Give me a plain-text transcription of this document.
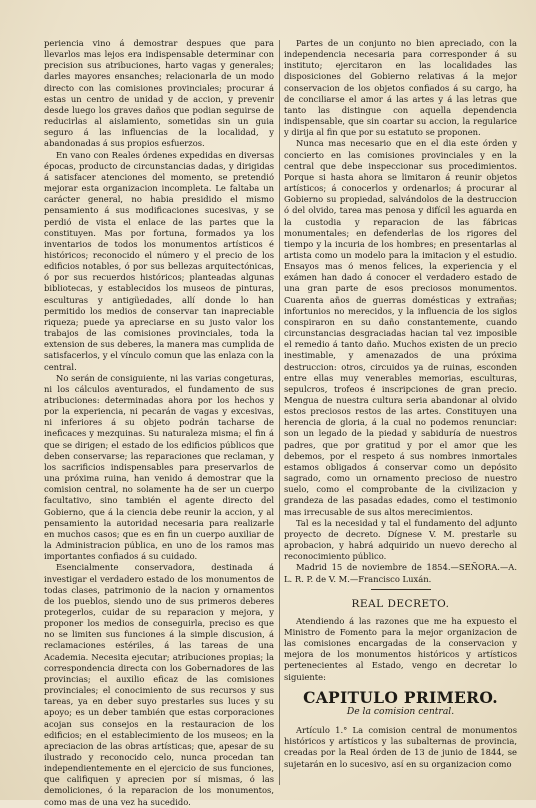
periencia vino á demostrar despues que para llevarlos mas lejos era indispensable determinar con precision sus atribuciones, harto vagas y generales; darles mayores ensanches; relacionarla de un modo directo con las comisiones provinciales; procurar á estas un centro de unidad y de accion, y prevenir desde luego los graves daños que podian seguirse de reducirlas al aislamiento, sometidas sin un guia seguro á las influencias de la localidad, y abandonadas á sus propios esfuerzos.

En vano con Reales órdenes expedidas en diversas épocas, producto de circunstancias dadas, y dirigidas á satisfacer atenciones del momento, se pretendió mejorar esta organizacion incompleta. Le faltaba un carácter general, no habia presidido el mismo pensamiento á sus modificaciones sucesivas, y se perdió de vista el enlace de las partes que la constituyen. Mas por fortuna, formados ya los inventarios de todos los monumentos artísticos é históricos; reconocido el número y el precio de los edificios notables, ó por sus bellezas arquitectónicas, ó por sus recuerdos históricos; planteadas algunas bibliotecas, y establecidos los museos de pinturas, esculturas y antigüedades, allí donde lo han permitido los medios de conservar tan inapreciable riqueza; puede ya apreciarse en su justo valor los trabajos de las comisiones provinciales, toda la extension de sus deberes, la manera mas cumplida de satisfacerlos, y el vínculo comun que las enlaza con la central.

No serán de consiguiente, ni las varias congeturas, ni los cálculos aventurados, el fundamento de sus atribuciones: determinadas ahora por los hechos y por la experiencia, ni pecarán de vagas y excesivas, ni inferiores á su objeto podrán tacharse de ineficaces y mezquinas. Su naturaleza misma; el fin á que se dirigen; el estado de los edificios públicos que deben conservarse; las reparaciones que reclaman, y los sacrificios indispensables para preservarlos de una próxima ruina, han venido á demostrar que la comision central, no solamente ha de ser un cuerpo facultativo, sino también el agente directo del Gobierno, que á la ciencia debe reunir la accion, y al pensamiento la autoridad necesaria para realizarle en muchos casos; que es en fin un cuerpo auxiliar de la Administracion pública, en uno de los ramos mas importantes confiados á su cuidado.

Esencialmente conservadora, destinada á investigar el verdadero estado de los monumentos de todas clases, patrimonio de la nacion y ornamentos de los pueblos, siendo uno de sus primeros deberes protegerlos, cuidar de su reparacion y mejora, y proponer los medios de conseguirla, preciso es que no se limiten sus funciones á la simple discusion, á reclamaciones estériles, á las tareas de una Academia. Necesita ejecutar; atribuciones propias; la correspondencia directa con los Gobernadores de las provincias; el auxilio eficaz de las comisiones provinciales; el conocimiento de sus recursos y sus tareas, ya en deber suyo prestarles sus luces y su apoyo; es un deber también que estas corporaciones acojan sus consejos en la restauracion de los edificios; en el establecimiento de los museos; en la apreciacion de las obras artísticas; que, apesar de su ilustrado y reconocido celo, nunca procedan tan independientemente en el ejercicio de sus funciones, que califiquen y aprecien por sí mismas, ó las demoliciones, ó la reparacion de los monumentos, como mas de una vez ha sucedido.

Partes de un conjunto no bien apreciado, con la independencia necesaria para corresponder á su instituto; ejercitaron en las localidades las disposiciones del Gobierno relativas á la mejor conservacion de los objetos confiados á su cargo, ha de conciliarse el amor á las artes y á las letras que tanto las distingue con aquella dependencia indispensable, que sin coartar su accion, la regularice y dirija al fin que por su estatuto se proponen.

Nunca mas necesario que en el dia este órden y concierto en las comisiones provinciales y en la central que debe inspeccionar sus procedimientos. Porque si hasta ahora se limitaron á reunir objetos artísticos; á conocerlos y ordenarlos; á procurar al Gobierno su propiedad, salvándolos de la destruccion ó del olvido, tarea mas penosa y difícil les aguarda en la custodia y reparacion de las fábricas monumentales; en defenderlas de los rigores del tiempo y la incuria de los hombres; en presentarlas al artista como un modelo para la imitacion y el estudio. Ensayos mas ó menos felices, la experiencia y el exámen han dado á conocer el verdadero estado de una gran parte de esos preciosos monumentos. Cuarenta años de guerras domésticas y extrañas; infortunios no merecidos, y la influencia de los siglos conspiraron en su daño constantemente, cuando circunstancias desgraciadas hacian tal vez imposible el remedio á tanto daño. Muchos existen de un precio inestimable, y amenazados de una próxima destruccion: otros, circuidos ya de ruinas, esconden entre ellas muy venerables memorias, esculturas, sepulcros, trofeos é inscripciones de gran precio. Mengua de nuestra cultura seria abandonar al olvido estos preciosos restos de las artes. Constituyen una herencia de gloria, á la cual no podemos renunciar: son un legado de la piedad y sabiduría de nuestros padres, que por gratitud y por el amor que les debemos, por el respeto á sus nombres inmortales estamos obligados á conservar como un depósito sagrado, como un ornamento precioso de nuestro suelo, como el comprobante de la civilizacion y grandeza de las pasadas edades, como el testimonio mas irrecusable de sus altos merecimientos.

Tal es la necesidad y tal el fundamento del adjunto proyecto de decreto. Dígnese V. M. prestarle su aprobacion, y habrá adquirido un nuevo derecho al reconocimiento público.

Madrid 15 de noviembre de 1854.—SEÑORA.—A. L. R. P. de V. M.—Francisco Luxán.

REAL DECRETO.

Atendiendo á las razones que me ha expuesto el Ministro de Fomento para la mejor organizacion de las comisiones encargadas de la conservacion y mejora de los monumentos históricos y artísticos pertenecientes al Estado, vengo en decretar lo siguiente:

CAPITULO PRIMERO.
De la comision central.

Artículo 1.° La comision central de monumentos históricos y artísticos y las subalternas de provincia, creadas por la Real órden de 13 de junio de 1844, se sujetarán en lo sucesivo, así en su organizacion como
